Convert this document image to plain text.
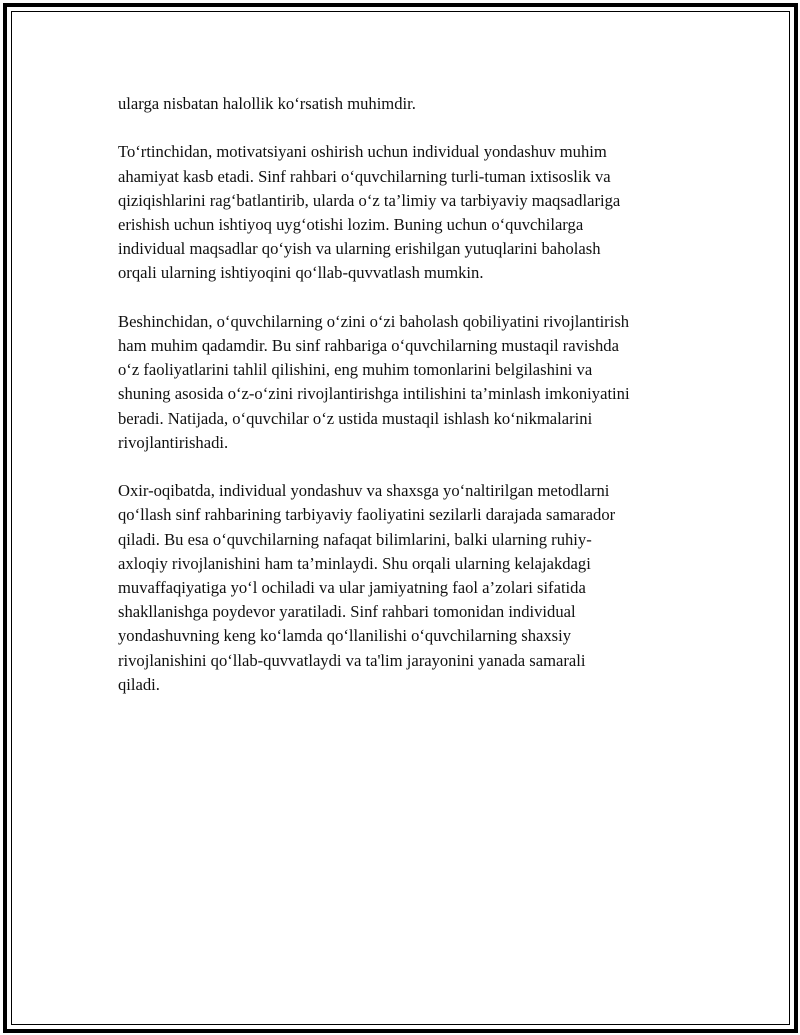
ularga nisbatan halollik ko‘rsatish muhimdir.

To‘rtinchidan, motivatsiyani oshirish uchun individual yondashuv muhim
ahamiyat kasb etadi. Sinf rahbari o‘quvchilarning turli-tuman ixtisoslik va
qiziqishlarini rag‘batlantirib, ularda o‘z ta’limiy va tarbiyaviy maqsadlariga
erishish uchun ishtiyoq uyg‘otishi lozim. Buning uchun o‘quvchilarga
individual maqsadlar qo‘yish va ularning erishilgan yutuqlarini baholash
orqali ularning ishtiyoqini qo‘llab-quvvatlash mumkin.

Beshinchidan, o‘quvchilarning o‘zini o‘zi baholash qobiliyatini rivojlantirish
ham muhim qadamdir. Bu sinf rahbariga o‘quvchilarning mustaqil ravishda
o‘z faoliyatlarini tahlil qilishini, eng muhim tomonlarini belgilashini va
shuning asosida o‘z-o‘zini rivojlantirishga intilishini ta’minlash imkoniyatini
beradi. Natijada, o‘quvchilar o‘z ustida mustaqil ishlash ko‘nikmalarini
rivojlantirishadi.

Oxir-oqibatda, individual yondashuv va shaxsga yo‘naltirilgan metodlarni
qo‘llash sinf rahbarining tarbiyaviy faoliyatini sezilarli darajada samarador
qiladi. Bu esa o‘quvchilarning nafaqat bilimlarini, balki ularning ruhiy-
axloqiy rivojlanishini ham ta’minlaydi. Shu orqali ularning kelajakdagi
muvaffaqiyatiga yo‘l ochiladi va ular jamiyatning faol a’zolari sifatida
shakllanishga poydevor yaratiladi. Sinf rahbari tomonidan individual
yondashuvning keng ko‘lamda qo‘llanilishi o‘quvchilarning shaxsiy
rivojlanishini qo‘llab-quvvatlaydi va ta'lim jarayonini yanada samarali
qiladi.
